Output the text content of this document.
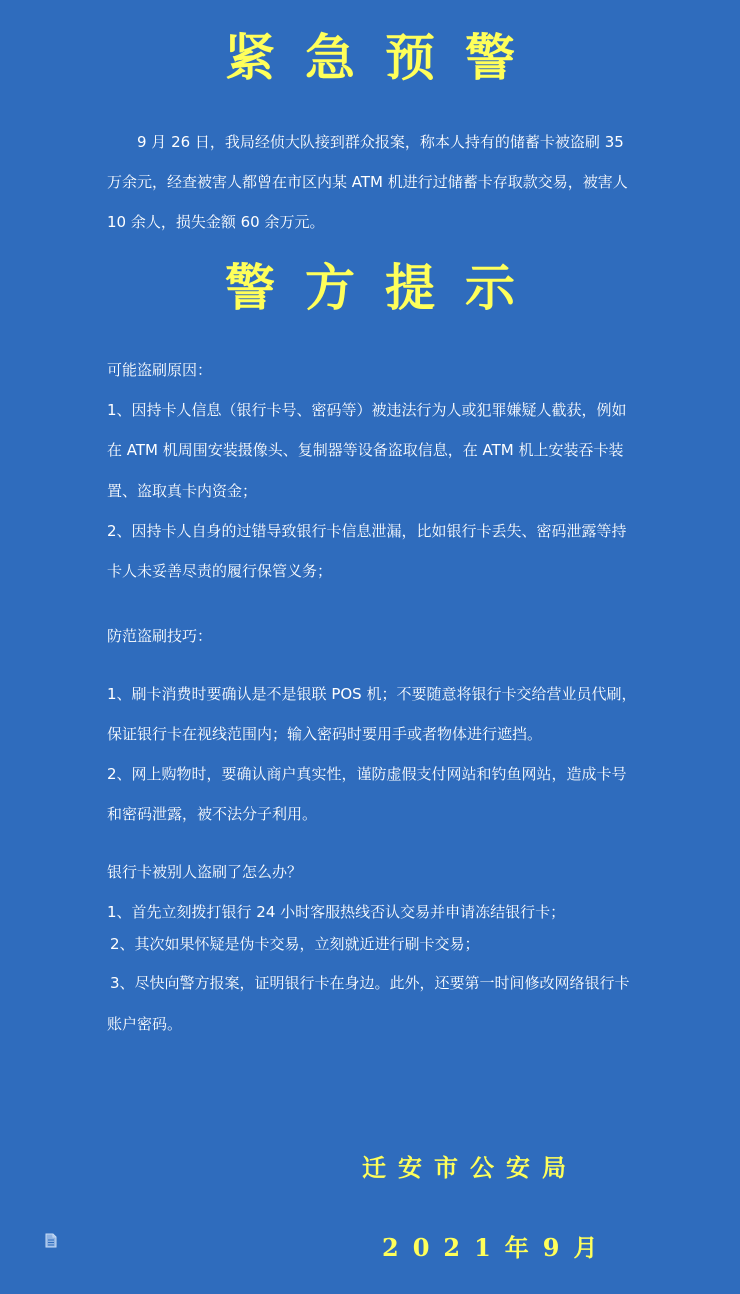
紧急预警
9 月 26 日，我局经侦大队接到群众报案，称本人持有的储蓄卡被盗刷 35
万余元，经查被害人都曾在市区内某 ATM 机进行过储蓄卡存取款交易，被害人
10 余人，损失金额 60 余万元。
警方提示
可能盗刷原因：
1、因持卡人信息（银行卡号、密码等）被违法行为人或犯罪嫌疑人截获，例如
在 ATM 机周围安装摄像头、复制器等设备盗取信息，在 ATM 机上安装吞卡装
置、盗取真卡内资金；
2、因持卡人自身的过错导致银行卡信息泄漏，比如银行卡丢失、密码泄露等持
卡人未妥善尽责的履行保管义务；
防范盗刷技巧：
1、刷卡消费时要确认是不是银联 POS 机；不要随意将银行卡交给营业员代刷，
保证银行卡在视线范围内；输入密码时要用手或者物体进行遮挡。
2、网上购物时，要确认商户真实性，谨防虚假支付网站和钓鱼网站，造成卡号
和密码泄露，被不法分子利用。
银行卡被别人盗刷了怎么办？
1、首先立刻拨打银行 24 小时客服热线否认交易并申请冻结银行卡；
2、其次如果怀疑是伪卡交易，立刻就近进行刷卡交易；
3、尽快向警方报案，证明银行卡在身边。此外，还要第一时间修改网络银行卡
账户密码。
迁安市公安局
2021年9月
